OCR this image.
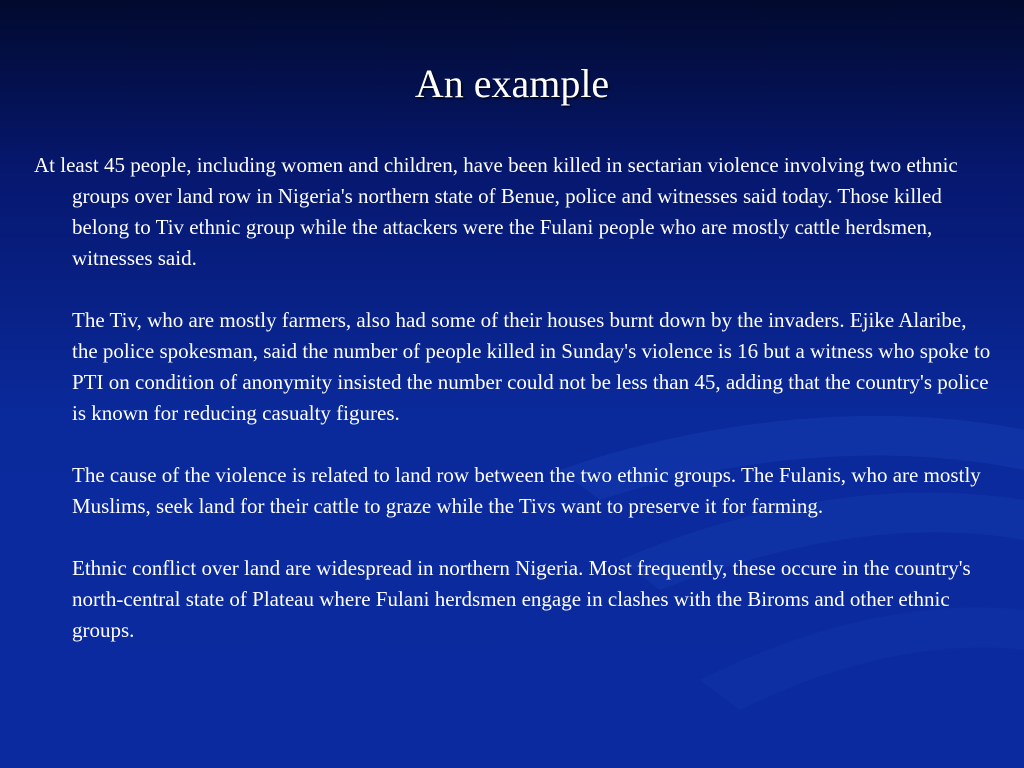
An example

At least 45 people, including women and children, have been killed in sectarian violence involving two ethnic groups over land row in Nigeria's northern state of Benue, police and witnesses said today. Those killed belong to Tiv ethnic group while the attackers were the Fulani people who are mostly cattle herdsmen, witnesses said.

The Tiv, who are mostly farmers, also had some of their houses burnt down by the invaders. Ejike Alaribe, the police spokesman, said the number of people killed in Sunday's violence is 16 but a witness who spoke to PTI on condition of anonymity insisted the number could not be less than 45, adding that the country's police is known for reducing casualty figures.

The cause of the violence is related to land row between the two ethnic groups. The Fulanis, who are mostly Muslims, seek land for their cattle to graze while the Tivs want to preserve it for farming.

Ethnic conflict over land are widespread in northern Nigeria. Most frequently, these occure in the country's north-central state of Plateau where Fulani herdsmen engage in clashes with the Biroms and other ethnic groups.
